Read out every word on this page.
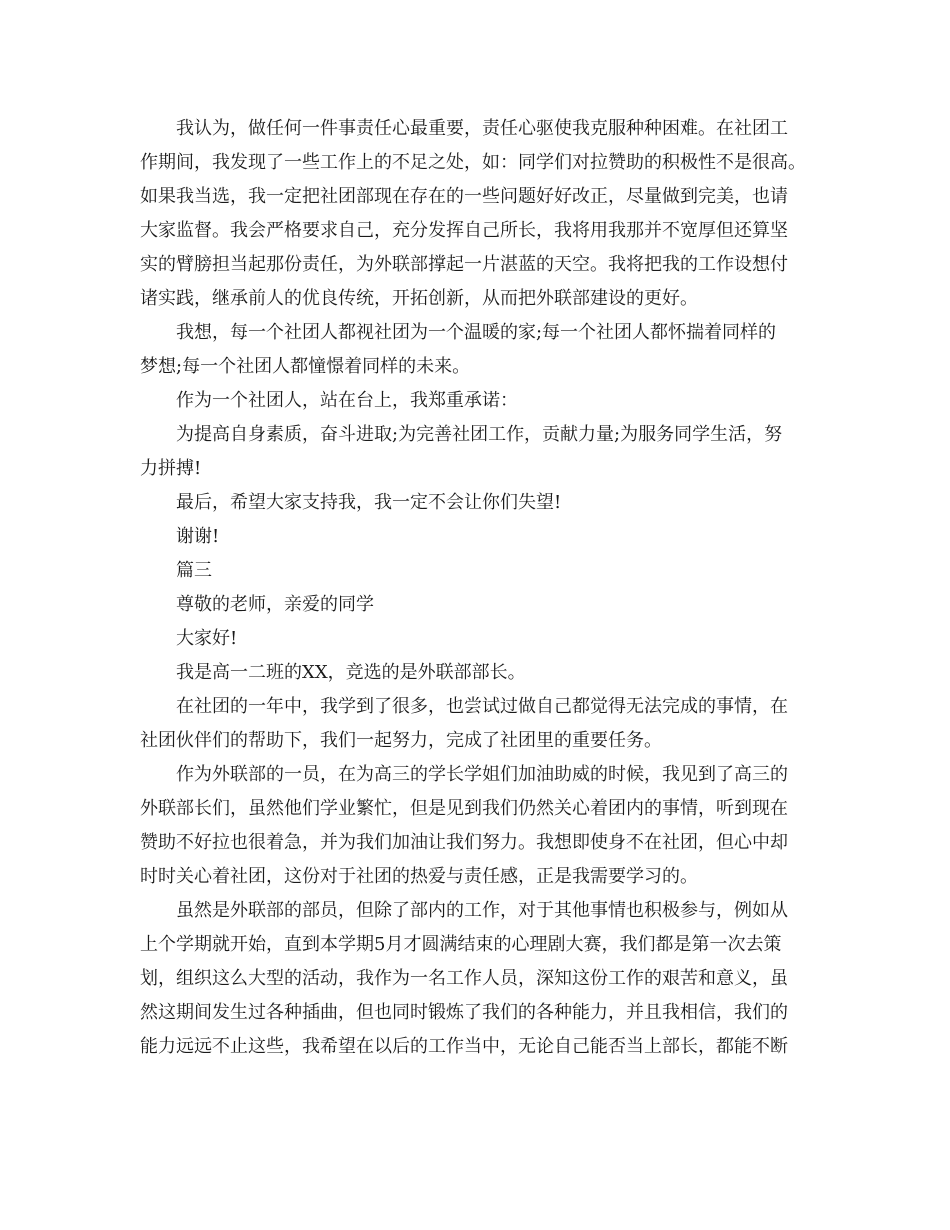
我认为，做任何一件事责任心最重要，责任心驱使我克服种种困难。在社团工
作期间，我发现了一些工作上的不足之处，如：同学们对拉赞助的积极性不是很高。
如果我当选，我一定把社团部现在存在的一些问题好好改正，尽量做到完美，也请
大家监督。我会严格要求自己，充分发挥自己所长，我将用我那并不宽厚但还算坚
实的臂膀担当起那份责任，为外联部撑起一片湛蓝的天空。我将把我的工作设想付
诸实践，继承前人的优良传统，开拓创新，从而把外联部建设的更好。
我想，每一个社团人都视社团为一个温暖的家;每一个社团人都怀揣着同样的
梦想;每一个社团人都憧憬着同样的未来。
作为一个社团人，站在台上，我郑重承诺：
为提高自身素质，奋斗进取;为完善社团工作，贡献力量;为服务同学生活，努
力拼搏!
最后，希望大家支持我，我一定不会让你们失望!
谢谢!
篇三
尊敬的老师，亲爱的同学
大家好!
我是高一二班的XX，竞选的是外联部部长。
在社团的一年中，我学到了很多，也尝试过做自己都觉得无法完成的事情，在
社团伙伴们的帮助下，我们一起努力，完成了社团里的重要任务。
作为外联部的一员，在为高三的学长学姐们加油助威的时候，我见到了高三的
外联部长们，虽然他们学业繁忙，但是见到我们仍然关心着团内的事情，听到现在
赞助不好拉也很着急，并为我们加油让我们努力。我想即使身不在社团，但心中却
时时关心着社团，这份对于社团的热爱与责任感，正是我需要学习的。
虽然是外联部的部员，但除了部内的工作，对于其他事情也积极参与，例如从
上个学期就开始，直到本学期5月才圆满结束的心理剧大赛，我们都是第一次去策
划，组织这么大型的活动，我作为一名工作人员，深知这份工作的艰苦和意义，虽
然这期间发生过各种插曲，但也同时锻炼了我们的各种能力，并且我相信，我们的
能力远远不止这些，我希望在以后的工作当中，无论自己能否当上部长，都能不断
